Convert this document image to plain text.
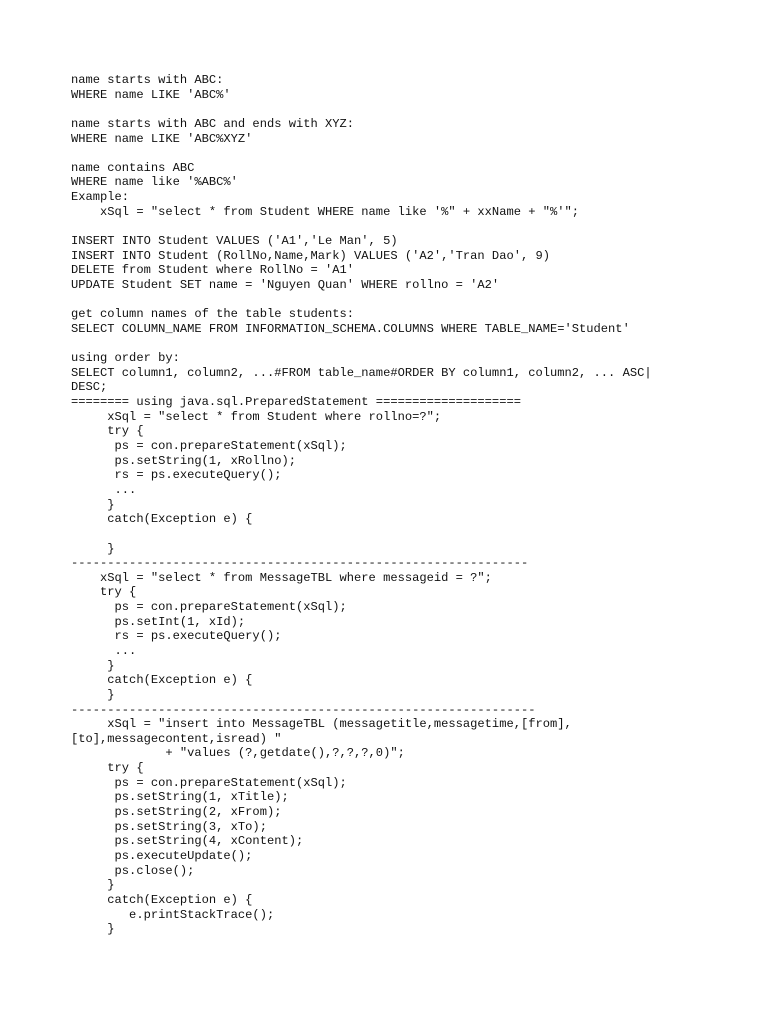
name starts with ABC:
WHERE name LIKE 'ABC%'
name starts with ABC and ends with XYZ:
WHERE name LIKE 'ABC%XYZ'
name contains ABC
WHERE name like '%ABC%'
Example:
xSql = "select * from Student WHERE name like '%" + xxName + "%'";
INSERT INTO Student VALUES ('A1','Le Man', 5)
INSERT INTO Student (RollNo,Name,Mark) VALUES ('A2','Tran Dao', 9)
DELETE from Student where RollNo = 'A1'
UPDATE Student SET name = 'Nguyen Quan' WHERE rollno = 'A2'
get column names of the table students:
SELECT COLUMN_NAME FROM INFORMATION_SCHEMA.COLUMNS WHERE TABLE_NAME='Student'
using order by:
SELECT column1, column2, ...#FROM table_name#ORDER BY column1, column2, ... ASC|
DESC;
======== using java.sql.PreparedStatement ====================
xSql = "select * from Student where rollno=?";
try {
ps = con.prepareStatement(xSql);
ps.setString(1, xRollno);
rs = ps.executeQuery();
...
}
catch(Exception e) {
}
---------------------------------------------------------------
xSql = "select * from MessageTBL where messageid = ?";
try {
ps = con.prepareStatement(xSql);
ps.setInt(1, xId);
rs = ps.executeQuery();
...
}
catch(Exception e) {
}
----------------------------------------------------------------
xSql = "insert into MessageTBL (messagetitle,messagetime,[from],
[to],messagecontent,isread) "
+ "values (?,getdate(),?,?,?,0)";
try {
ps = con.prepareStatement(xSql);
ps.setString(1, xTitle);
ps.setString(2, xFrom);
ps.setString(3, xTo);
ps.setString(4, xContent);
ps.executeUpdate();
ps.close();
}
catch(Exception e) {
e.printStackTrace();
}
